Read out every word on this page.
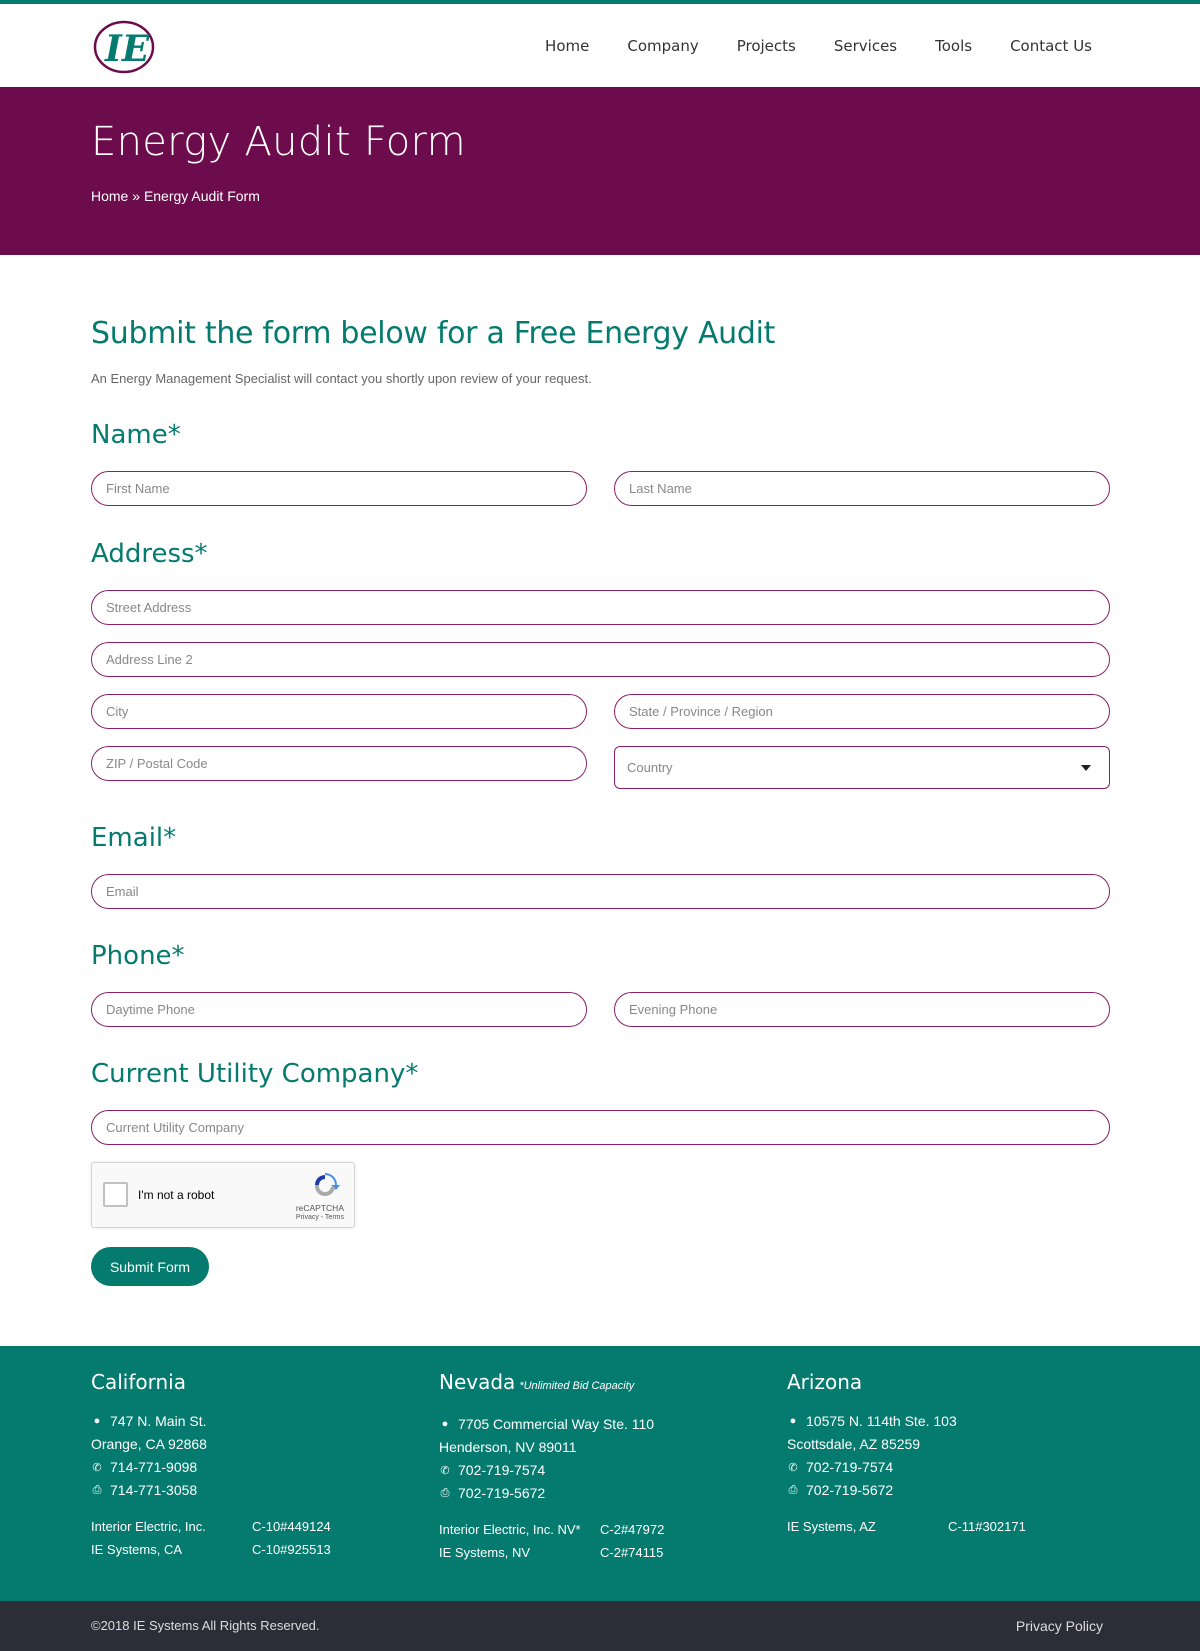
IE	Home	Company	Projects	Services	Tools	Contact Us
Energy Audit Form
Home » Energy Audit Form
Submit the form below for a Free Energy Audit

An Energy Management Specialist will contact you shortly upon review of your request.

Name*
First Name
Last Name
Address*
Street Address
Address Line 2
City
State / Province / Region
ZIP / Postal Code
Country
Email*
Email
Phone*
Daytime Phone
Evening Phone
Current Utility Company*
Current Utility Company
I'm not a robot
reCAPTCHA
Privacy - Terms
Submit Form
California
● 747 N. Main St.
Orange, CA 92868
✆ 714-771-9098
⎙ 714-771-3058
Interior Electric, Inc.	C-10#449124
IE Systems, CA	C-10#925513
Nevada *Unlimited Bid Capacity
● 7705 Commercial Way Ste. 110
Henderson, NV 89011
✆ 702-719-7574
⎙ 702-719-5672
Interior Electric, Inc. NV* C-2#47972
IE Systems, NV	C-2#74115
Arizona
● 10575 N. 114th Ste. 103
Scottsdale, AZ 85259
✆ 702-719-7574
⎙ 702-719-5672
IE Systems, AZ	C-11#302171
©2018 IE Systems All Rights Reserved.	Privacy Policy
